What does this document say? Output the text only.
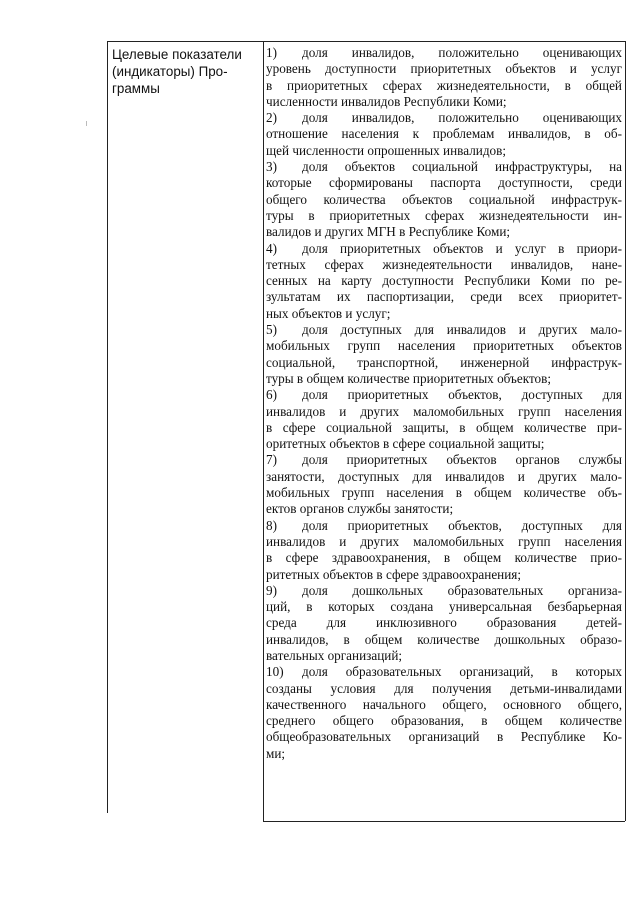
Целевые показатели
(индикаторы) Про-
граммы
1) доля инвалидов, положительно оценивающих
уровень доступности приоритетных объектов и услуг
в приоритетных сферах жизнедеятельности, в общей
численности инвалидов Республики Коми;
2) доля инвалидов, положительно оценивающих
отношение населения к проблемам инвалидов, в об-
щей численности опрошенных инвалидов;
3) доля объектов социальной инфраструктуры, на
которые сформированы паспорта доступности, среди
общего количества объектов социальной инфраструк-
туры в приоритетных сферах жизнедеятельности ин-
валидов и других МГН в Республике Коми;
4) доля приоритетных объектов и услуг в приори-
тетных сферах жизнедеятельности инвалидов, нане-
сенных на карту доступности Республики Коми по ре-
зультатам их паспортизации, среди всех приоритет-
ных объектов и услуг;
5) доля доступных для инвалидов и других мало-
мобильных групп населения приоритетных объектов
социальной, транспортной, инженерной инфраструк-
туры в общем количестве приоритетных объектов;
6) доля приоритетных объектов, доступных для
инвалидов и других маломобильных групп населения
в сфере социальной защиты, в общем количестве при-
оритетных объектов в сфере социальной защиты;
7) доля приоритетных объектов органов службы
занятости, доступных для инвалидов и других мало-
мобильных групп населения в общем количестве объ-
ектов органов службы занятости;
8) доля приоритетных объектов, доступных для
инвалидов и других маломобильных групп населения
в сфере здравоохранения, в общем количестве прио-
ритетных объектов в сфере здравоохранения;
9) доля дошкольных образовательных организа-
ций, в которых создана универсальная безбарьерная
среда для инклюзивного образования детей-
инвалидов, в общем количестве дошкольных образо-
вательных организаций;
10) доля образовательных организаций, в которых
созданы условия для получения детьми-инвалидами
качественного начального общего, основного общего,
среднего общего образования, в общем количестве
общеобразовательных организаций в Республике Ко-
ми;
